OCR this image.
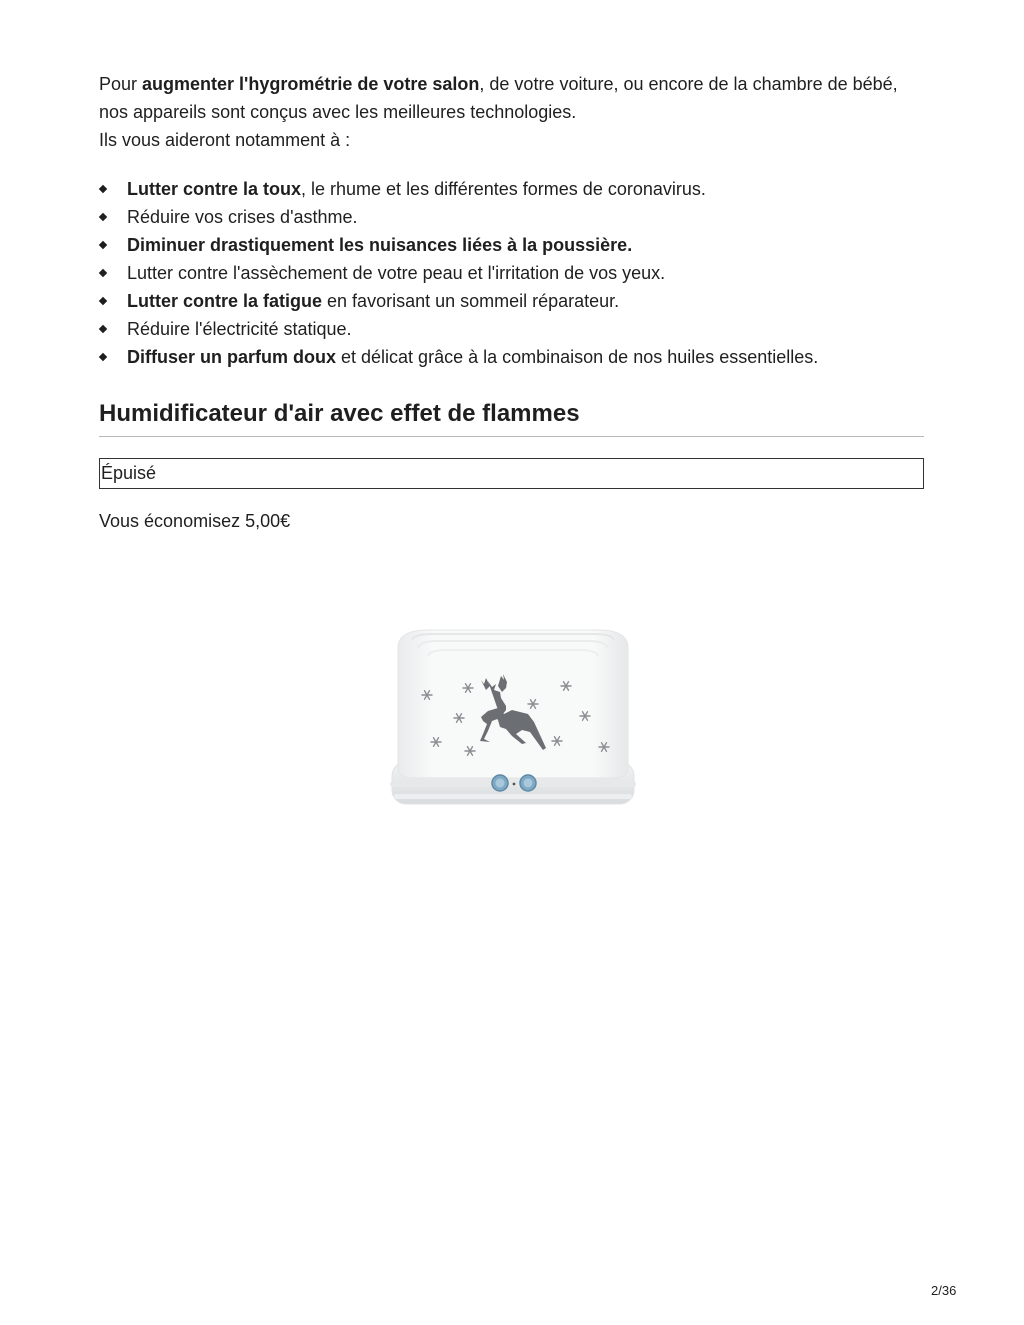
Pour augmenter l'hygrométrie de votre salon, de votre voiture, ou encore de la chambre de bébé, nos appareils sont conçus avec les meilleures technologies.
Ils vous aideront notamment à :

Lutter contre la toux, le rhume et les différentes formes de coronavirus.
Réduire vos crises d'asthme.
Diminuer drastiquement les nuisances liées à la poussière.
Lutter contre l'assèchement de votre peau et l'irritation de vos yeux.
Lutter contre la fatigue en favorisant un sommeil réparateur.
Réduire l'électricité statique.
Diffuser un parfum doux et délicat grâce à la combinaison de nos huiles essentielles.
Humidificateur d'air avec effet de flammes
Épuisé
Vous économisez 5,00€
2/36
